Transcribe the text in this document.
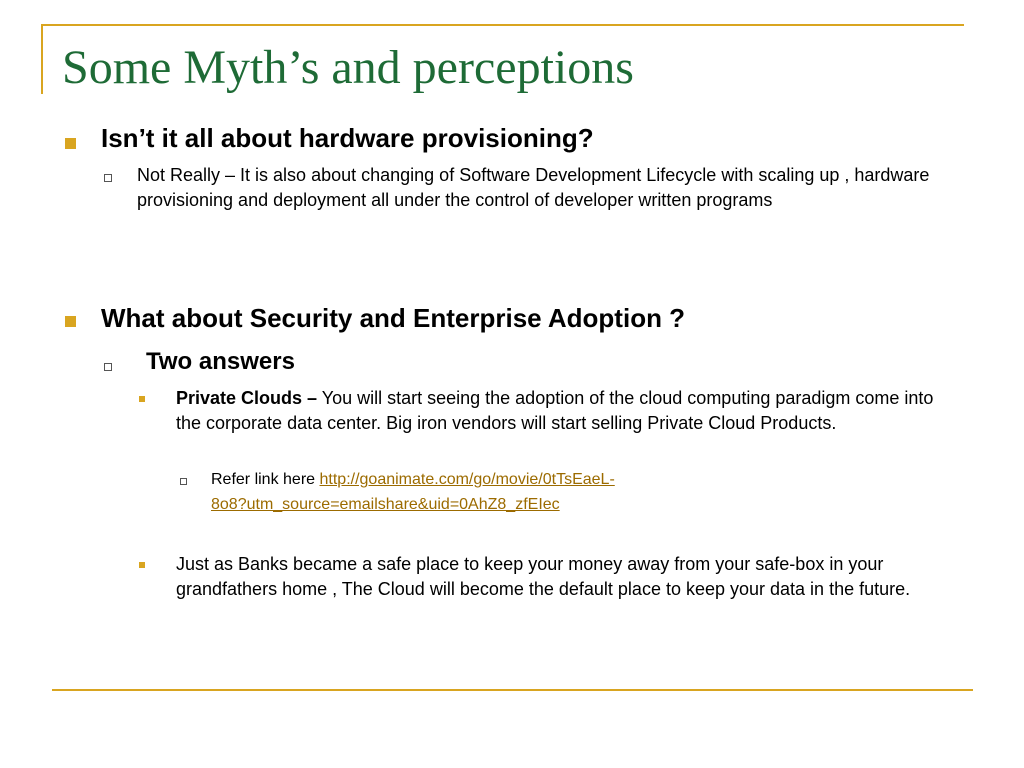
Some Myth’s and perceptions
Isn’t it all about hardware provisioning?
Not Really – It is also about changing of Software Development Lifecycle with scaling up , hardware provisioning and deployment all under the control of developer written programs
What about Security and Enterprise Adoption ?
Two answers
Private Clouds – You will start seeing the adoption of the cloud computing paradigm come into the corporate data center. Big iron vendors will start selling Private Cloud Products.
Refer link here http://goanimate.com/go/movie/0tTsEaeL-
8o8?utm_source=emailshare&uid=0AhZ8_zfEIec
Just as Banks became a safe place to keep your money away from your safe-box in your grandfathers home , The Cloud will become the default place to keep your data in the future.
